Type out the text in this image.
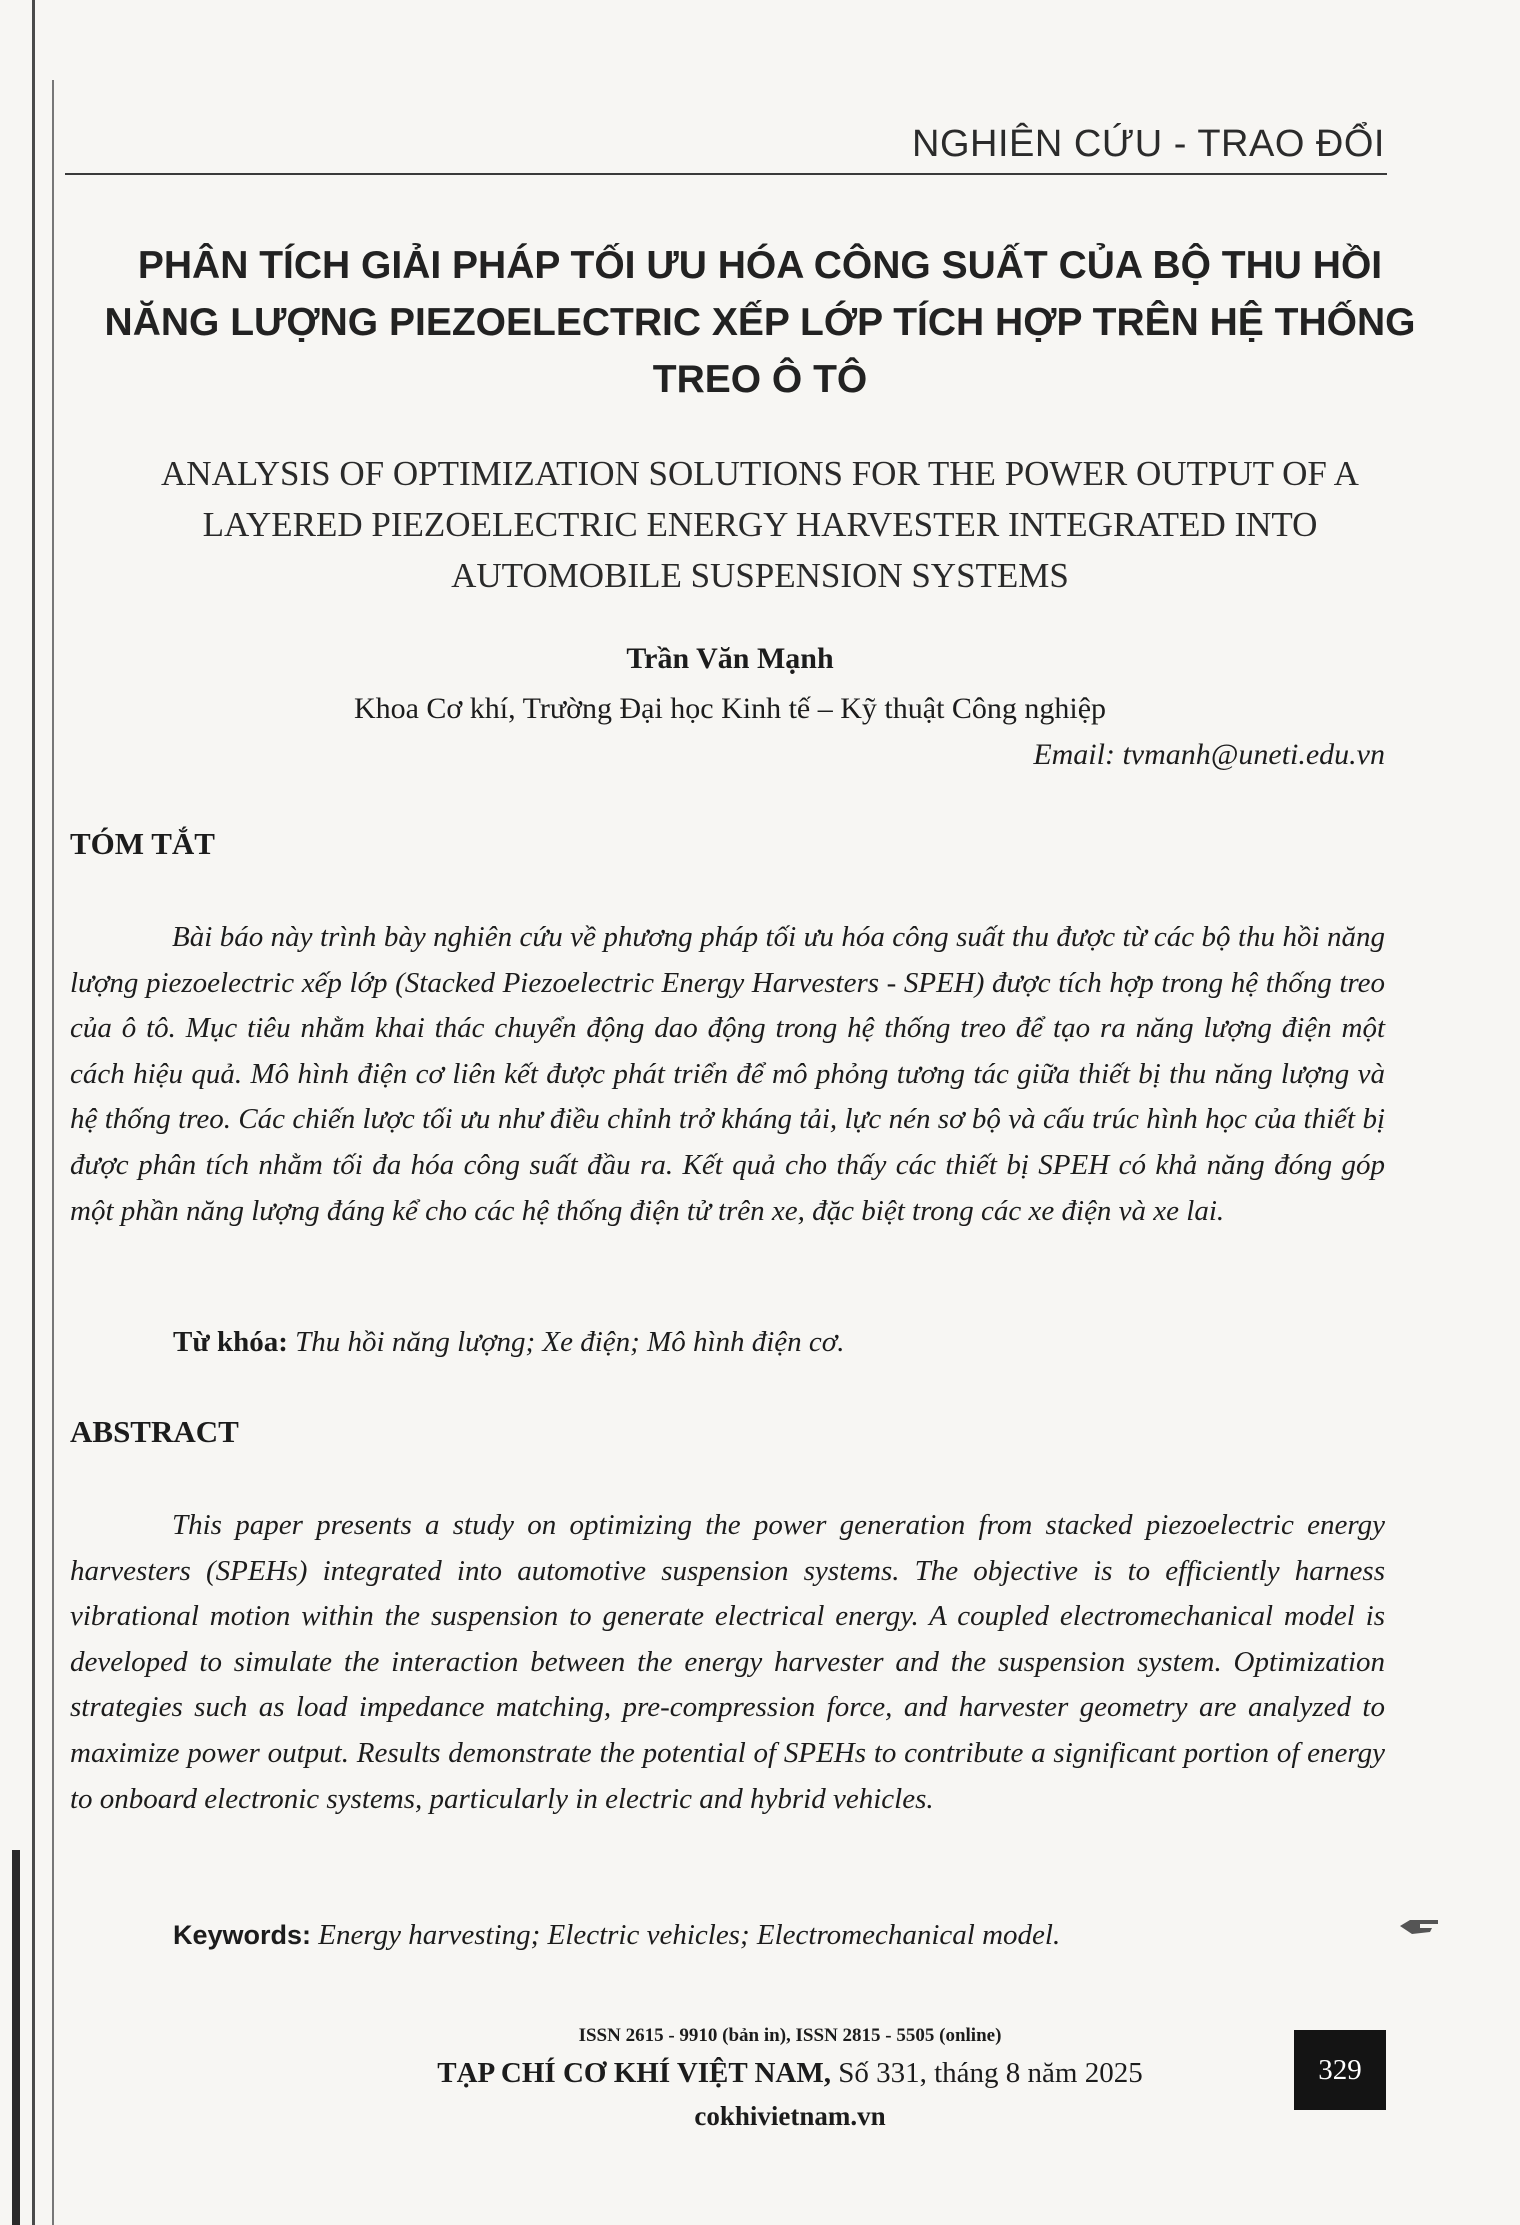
NGHIÊN CỨU - TRAO ĐỔI
PHÂN TÍCH GIẢI PHÁP TỐI ƯU HÓA CÔNG SUẤT CỦA BỘ THU HỒI NĂNG LƯỢNG PIEZOELECTRIC XẾP LỚP TÍCH HỢP TRÊN HỆ THỐNG TREO Ô TÔ
ANALYSIS OF OPTIMIZATION SOLUTIONS FOR THE POWER OUTPUT OF A LAYERED PIEZOELECTRIC ENERGY HARVESTER INTEGRATED INTO AUTOMOBILE SUSPENSION SYSTEMS
Trần Văn Mạnh
Khoa Cơ khí, Trường Đại học Kinh tế – Kỹ thuật Công nghiệp
Email: tvmanh@uneti.edu.vn
TÓM TẮT

Bài báo này trình bày nghiên cứu về phương pháp tối ưu hóa công suất thu được từ các bộ thu hồi năng lượng piezoelectric xếp lớp (Stacked Piezoelectric Energy Harvesters - SPEH) được tích hợp trong hệ thống treo của ô tô. Mục tiêu nhằm khai thác chuyển động dao động trong hệ thống treo để tạo ra năng lượng điện một cách hiệu quả. Mô hình điện cơ liên kết được phát triển để mô phỏng tương tác giữa thiết bị thu năng lượng và hệ thống treo. Các chiến lược tối ưu như điều chỉnh trở kháng tải, lực nén sơ bộ và cấu trúc hình học của thiết bị được phân tích nhằm tối đa hóa công suất đầu ra. Kết quả cho thấy các thiết bị SPEH có khả năng đóng góp một phần năng lượng đáng kể cho các hệ thống điện tử trên xe, đặc biệt trong các xe điện và xe lai.

Từ khóa: Thu hồi năng lượng; Xe điện; Mô hình điện cơ.
ABSTRACT

This paper presents a study on optimizing the power generation from stacked piezoelectric energy harvesters (SPEHs) integrated into automotive suspension systems. The objective is to efficiently harness vibrational motion within the suspension to generate electrical energy. A coupled electromechanical model is developed to simulate the interaction between the energy harvester and the suspension system. Optimization strategies such as load impedance matching, pre-compression force, and harvester geometry are analyzed to maximize power output. Results demonstrate the potential of SPEHs to contribute a significant portion of energy to onboard electronic systems, particularly in electric and hybrid vehicles.

Keywords: Energy harvesting; Electric vehicles; Electromechanical model.
ISSN 2615 - 9910 (bản in), ISSN 2815 - 5505 (online)
TẠP CHÍ CƠ KHÍ VIỆT NAM, Số 331, tháng 8 năm 2025
cokhivietnam.vn
329
